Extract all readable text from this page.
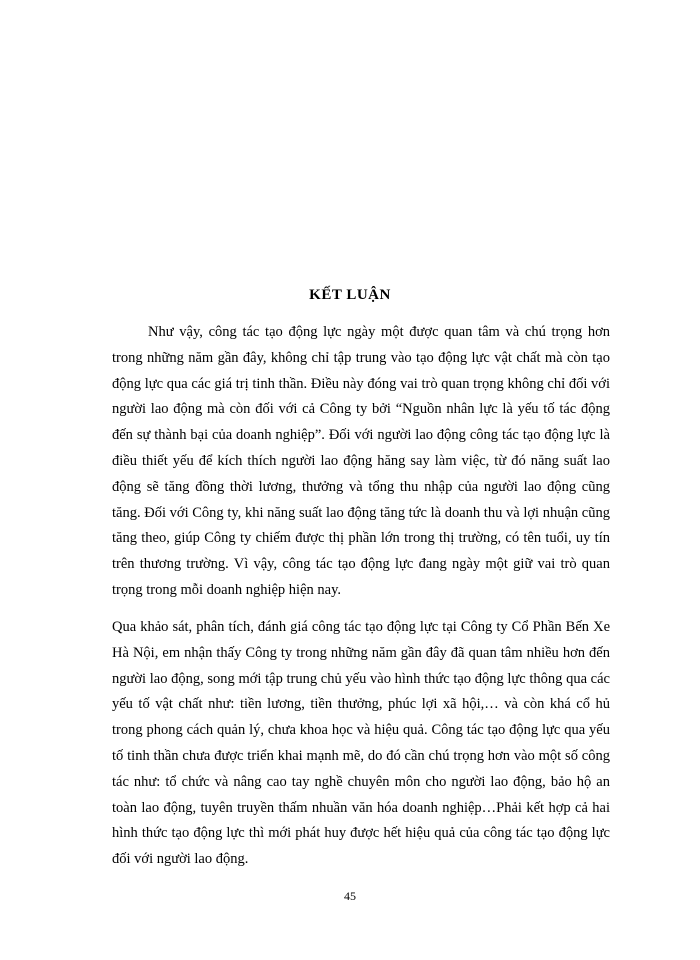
KẾT LUẬN

Như vậy, công tác tạo động lực ngày một được quan tâm và chú trọng hơn trong những năm gần đây, không chỉ tập trung vào tạo động lực vật chất mà còn tạo động lực qua các giá trị tinh thần. Điều này đóng vai trò quan trọng không chỉ đối với người lao động mà còn đối với cả Công ty bởi “Nguồn nhân lực là yếu tố tác động đến sự thành bại của doanh nghiệp”. Đối với người lao động công tác tạo động lực là điều thiết yếu để kích thích người lao động hăng say làm việc, từ đó năng suất lao động sẽ tăng đồng thời lương, thưởng và tổng thu nhập của người lao động cũng tăng. Đối với Công ty, khi năng suất lao động tăng tức là doanh thu và lợi nhuận cũng tăng theo, giúp Công ty chiếm được thị phần lớn trong thị trường, có tên tuổi, uy tín trên thương trường. Vì vậy, công tác tạo động lực đang ngày một giữ vai trò quan trọng trong mỗi doanh nghiệp hiện nay.

Qua khảo sát, phân tích, đánh giá công tác tạo động lực tại Công ty Cổ Phần Bến Xe Hà Nội, em nhận thấy Công ty trong những năm gần đây đã quan tâm nhiều hơn đến người lao động, song mới tập trung chủ yếu vào hình thức tạo động lực thông qua các yếu tố vật chất như: tiền lương, tiền thưởng, phúc lợi xã hội,… và còn khá cổ hủ trong phong cách quản lý, chưa khoa học và hiệu quả. Công tác tạo động lực qua yếu tố tinh thần chưa được triển khai mạnh mẽ, do đó cần chú trọng hơn vào một số công tác như: tổ chức và nâng cao tay nghề chuyên môn cho người lao động, bảo hộ an toàn lao động, tuyên truyền thấm nhuần văn hóa doanh nghiệp…Phải kết hợp cả hai hình thức tạo động lực thì mới phát huy được hết hiệu quả của công tác tạo động lực đối với người lao động.

45
